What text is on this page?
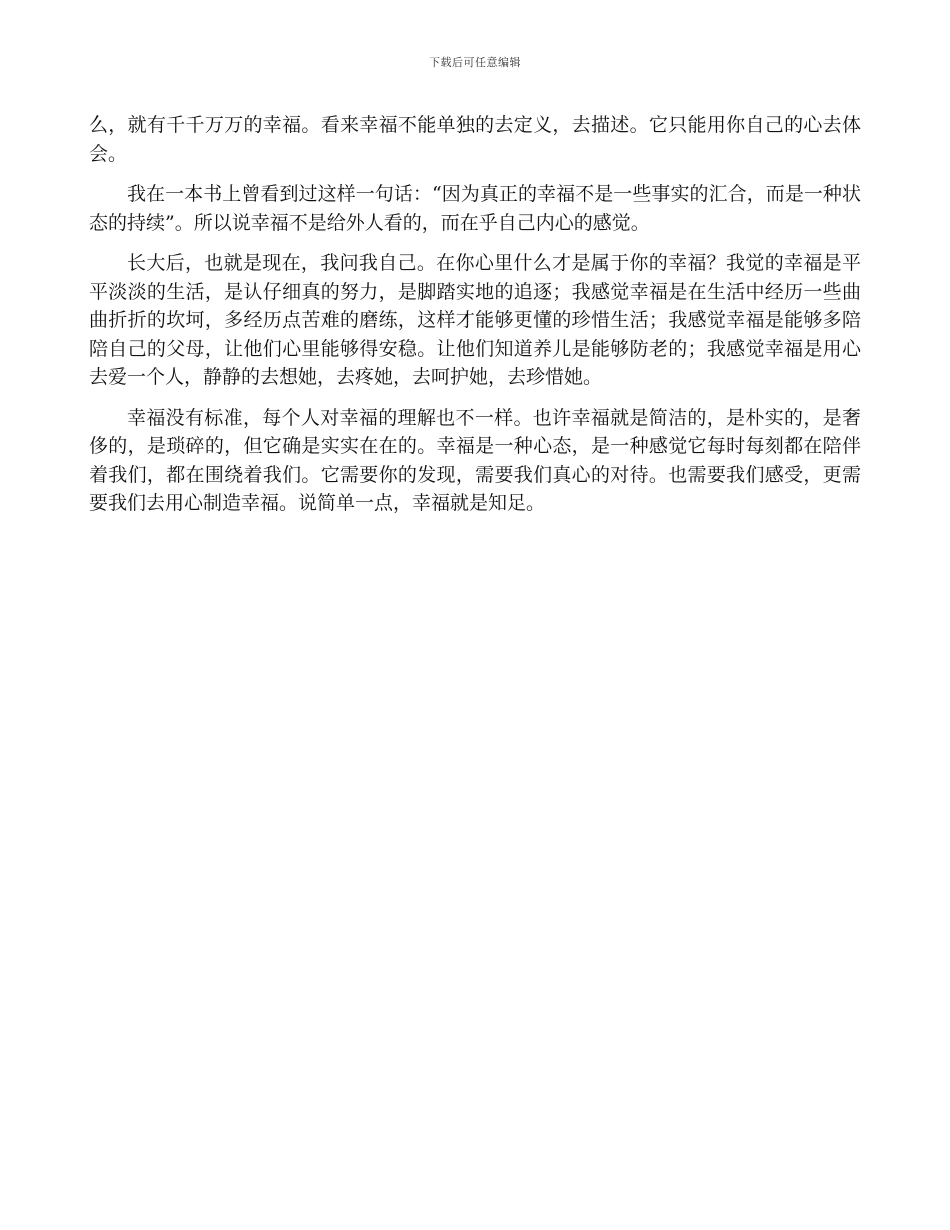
下载后可任意编辑

么，就有千千万万的幸福。看来幸福不能单独的去定义，去描述。它只能用你自己的心去体会。

我在一本书上曾看到过这样一句话：“因为真正的幸福不是一些事实的汇合，而是一种状态的持续”。所以说幸福不是给外人看的，而在乎自己内心的感觉。

长大后，也就是现在，我问我自己。在你心里什么才是属于你的幸福？我觉的幸福是平平淡淡的生活，是认仔细真的努力，是脚踏实地的追逐；我感觉幸福是在生活中经历一些曲曲折折的坎坷，多经历点苦难的磨练，这样才能够更懂的珍惜生活；我感觉幸福是能够多陪陪自己的父母，让他们心里能够得安稳。让他们知道养儿是能够防老的；我感觉幸福是用心去爱一个人，静静的去想她，去疼她，去呵护她，去珍惜她。

幸福没有标准，每个人对幸福的理解也不一样。也许幸福就是简洁的，是朴实的，是奢侈的，是琐碎的，但它确是实实在在的。幸福是一种心态，是一种感觉它每时每刻都在陪伴着我们，都在围绕着我们。它需要你的发现，需要我们真心的对待。也需要我们感受，更需要我们去用心制造幸福。说简单一点，幸福就是知足。
